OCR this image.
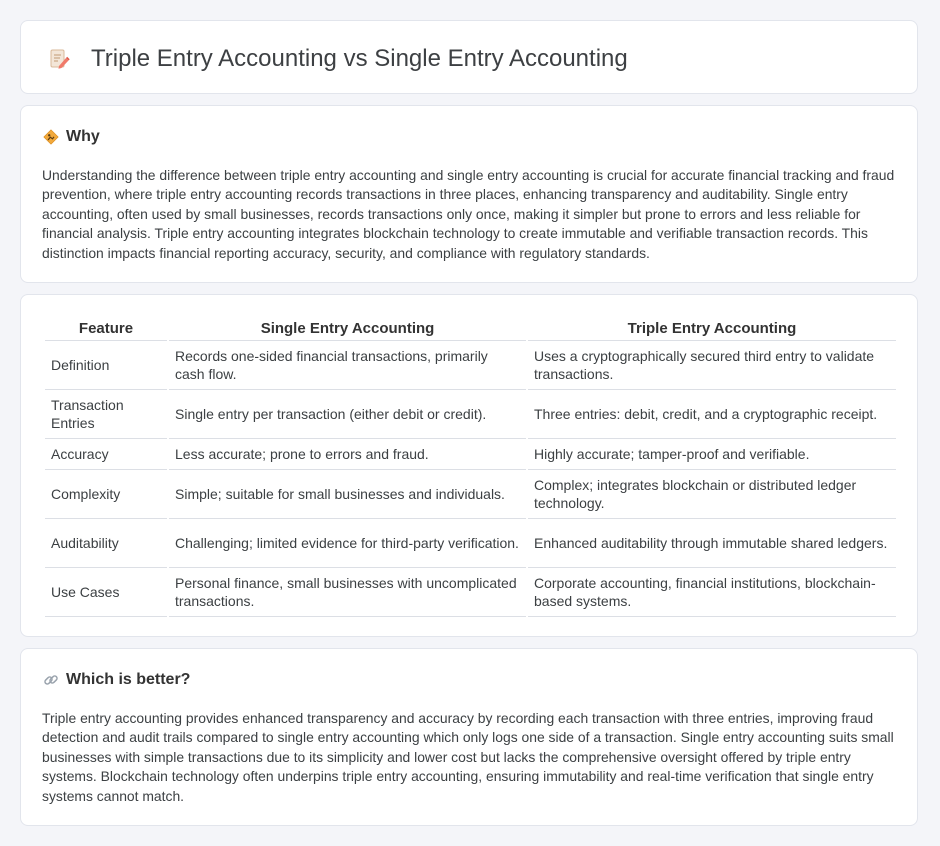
Triple Entry Accounting vs Single Entry Accounting
Why

Understanding the difference between triple entry accounting and single entry accounting is crucial for accurate financial tracking and fraud prevention, where triple entry accounting records transactions in three places, enhancing transparency and auditability. Single entry accounting, often used by small businesses, records transactions only once, making it simpler but prone to errors and less reliable for financial analysis. Triple entry accounting integrates blockchain technology to create immutable and verifiable transaction records. This distinction impacts financial reporting accuracy, security, and compliance with regulatory standards.

Feature	Single Entry Accounting	Triple Entry Accounting
Definition	Records one-sided financial transactions, primarily cash flow.	Uses a cryptographically secured third entry to validate transactions.
Transaction Entries	Single entry per transaction (either debit or credit).	Three entries: debit, credit, and a cryptographic receipt.
Accuracy	Less accurate; prone to errors and fraud.	Highly accurate; tamper-proof and verifiable.
Complexity	Simple; suitable for small businesses and individuals.	Complex; integrates blockchain or distributed ledger technology.
Auditability	Challenging; limited evidence for third-party verification.	Enhanced auditability through immutable shared ledgers.
Use Cases	Personal finance, small businesses with uncomplicated transactions.	Corporate accounting, financial institutions, blockchain-based systems.
Which is better?

Triple entry accounting provides enhanced transparency and accuracy by recording each transaction with three entries, improving fraud detection and audit trails compared to single entry accounting which only logs one side of a transaction. Single entry accounting suits small businesses with simple transactions due to its simplicity and lower cost but lacks the comprehensive oversight offered by triple entry systems. Blockchain technology often underpins triple entry accounting, ensuring immutability and real-time verification that single entry systems cannot match.
